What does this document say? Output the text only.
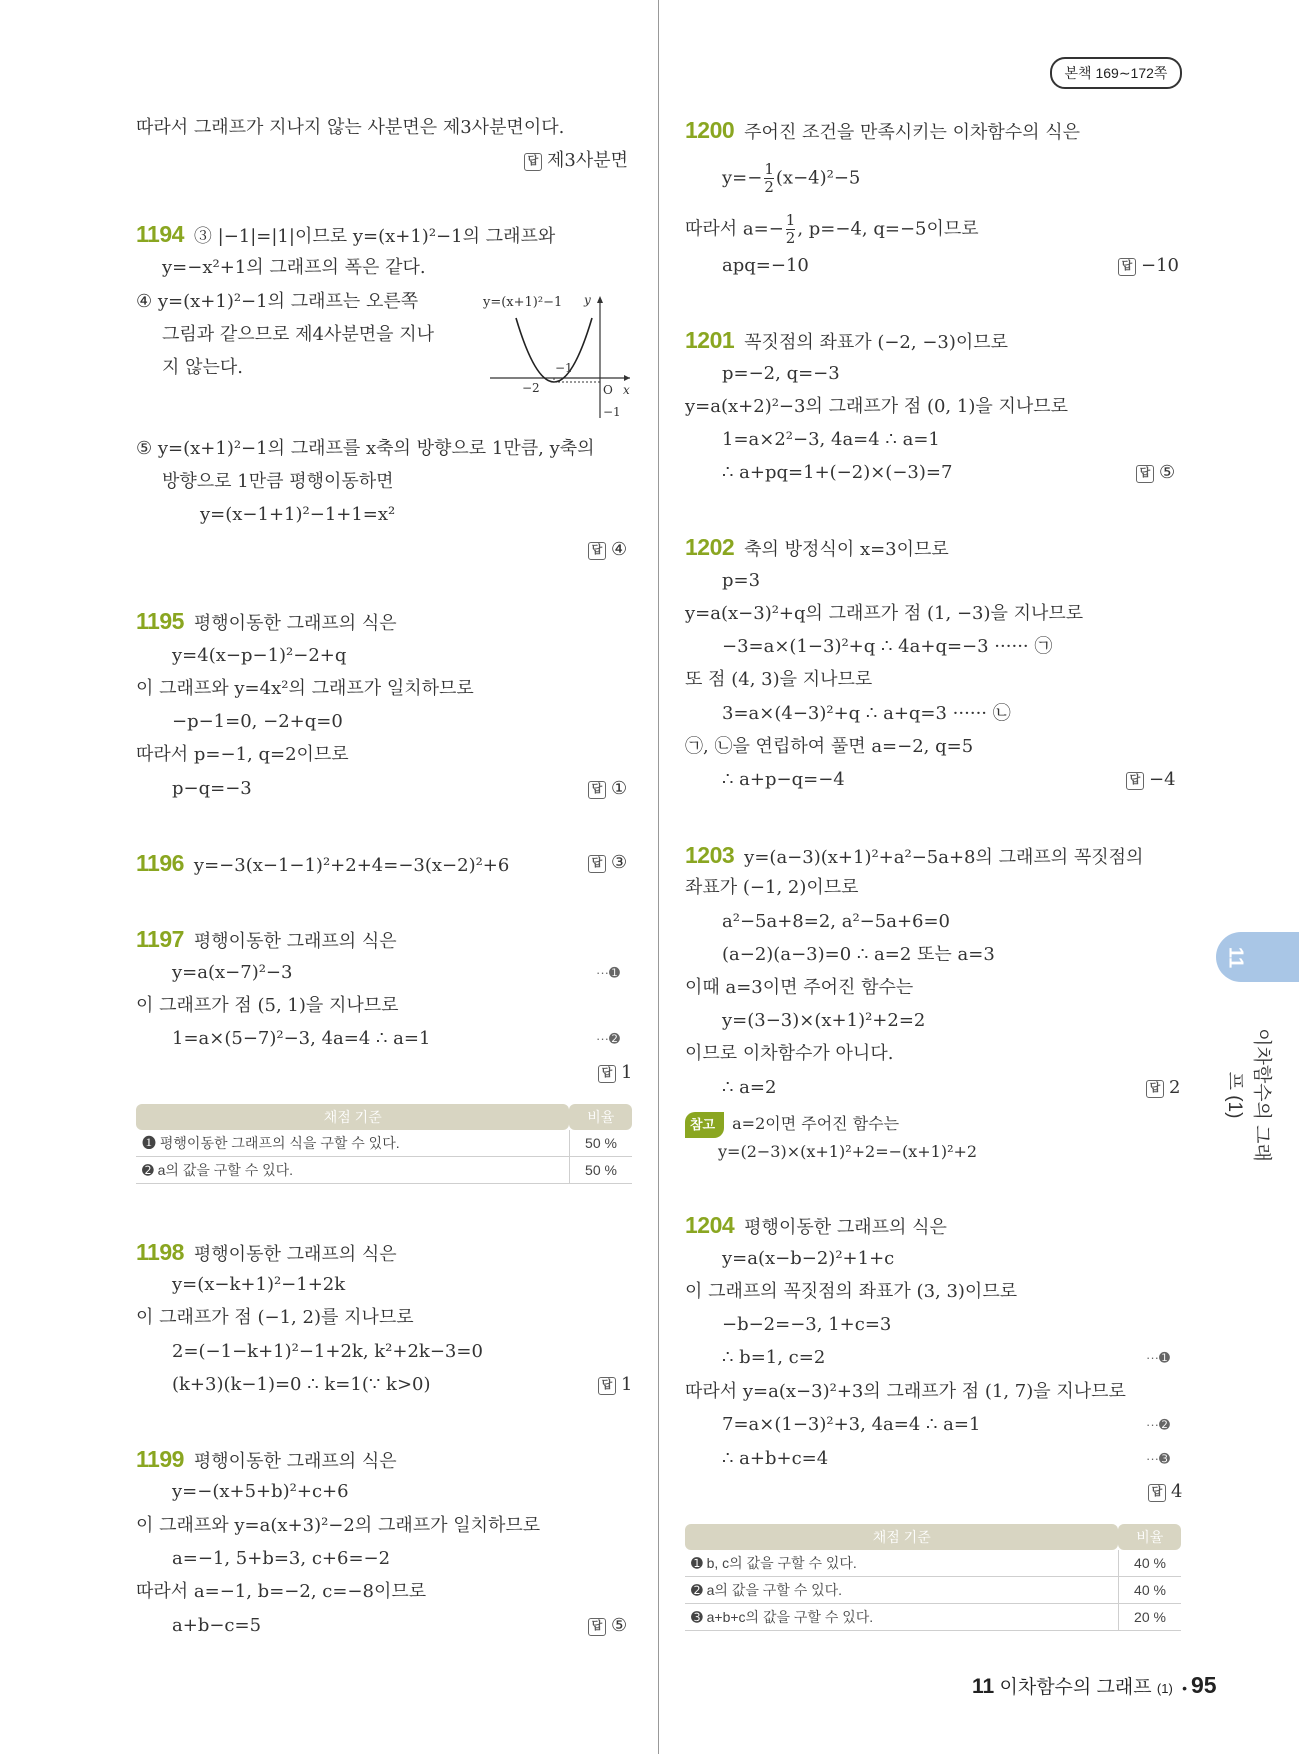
본책 169∼172쪽
따라서 그래프가 지나지 않는 사분면은 제3사분면이다.
답 제3사분면
1194 ③ |−1|=|1|이므로 y=(x+1)²−1의 그래프와
y=−x²+1의 그래프의 폭은 같다.
④ y=(x+1)²−1의 그래프는 오른쪽
그림과 같으므로 제4사분면을 지나
지 않는다.
y=(x+1)²−1 y
x
O
−2
−1
−1
⑤ y=(x+1)²−1의 그래프를 x축의 방향으로 1만큼, y축의
방향으로 1만큼 평행이동하면
y=(x−1+1)²−1+1=x²
답 ④
1195 평행이동한 그래프의 식은
y=4(x−p−1)²−2+q
이 그래프와 y=4x²의 그래프가 일치하므로
−p−1=0, −2+q=0
따라서 p=−1, q=2이므로
p−q=−3	답 ①
1196 y=−3(x−1−1)²+2+4=−3(x−2)²+6	답 ③
1197 평행이동한 그래프의 식은
y=a(x−7)²−3	···➊
이 그래프가 점 (5, 1)을 지나므로
1=a×(5−7)²−3, 4a=4 ∴ a=1	···➋
답 1
채점 기준	비율
➊ 평행이동한 그래프의 식을 구할 수 있다.	50 %
➋ a의 값을 구할 수 있다.	50 %
1198 평행이동한 그래프의 식은
y=(x−k+1)²−1+2k
이 그래프가 점 (−1, 2)를 지나므로
2=(−1−k+1)²−1+2k, k²+2k−3=0
(k+3)(k−1)=0 ∴ k=1(∵ k>0)	답 1
1199 평행이동한 그래프의 식은
y=−(x+5+b)²+c+6
이 그래프와 y=a(x+3)²−2의 그래프가 일치하므로
a=−1, 5+b=3, c+6=−2
따라서 a=−1, b=−2, c=−8이므로
a+b−c=5	답 ⑤
1200 주어진 조건을 만족시키는 이차함수의 식은
$y=- \frac{1}{2} (x-4)^2-5$
따라서 $a=- \frac{1}{2}$ , p=−4, q=−5이므로
apq=−10	답 −10
1201 꼭짓점의 좌표가 (−2, −3)이므로
p=−2, q=−3
y=a(x+2)²−3의 그래프가 점 (0, 1)을 지나므로
1=a×2²−3, 4a=4 ∴ a=1
∴ a+pq=1+(−2)×(−3)=7	답 ⑤
1202 축의 방정식이 x=3이므로
p=3
y=a(x−3)²+q의 그래프가 점 (1, −3)을 지나므로
−3=a×(1−3)²+q ∴ 4a+q=−3 ······ ㉠
또 점 (4, 3)을 지나므로
3=a×(4−3)²+q ∴ a+q=3 ······ ㉡
㉠, ㉡을 연립하여 풀면 a=−2, q=5
∴ a+p−q=−4	답 −4
1203 y=(a−3)(x+1)²+a²−5a+8의 그래프의 꼭짓점의
좌표가 (−1, 2)이므로
a²−5a+8=2, a²−5a+6=0
(a−2)(a−3)=0 ∴ a=2 또는 a=3
이때 a=3이면 주어진 함수는
y=(3−3)×(x+1)²+2=2
이므로 이차함수가 아니다.
∴ a=2	답 2
참고 a=2이면 주어진 함수는
y=(2−3)×(x+1)²+2=−(x+1)²+2
1204 평행이동한 그래프의 식은
y=a(x−b−2)²+1+c
이 그래프의 꼭짓점의 좌표가 (3, 3)이므로
−b−2=−3, 1+c=3
∴ b=1, c=2	···➊
따라서 y=a(x−3)²+3의 그래프가 점 (1, 7)을 지나므로
7=a×(1−3)²+3, 4a=4 ∴ a=1	···➋
∴ a+b+c=4	···➌
답 4
채점 기준	비율
➊ b, c의 값을 구할 수 있다.	40 %
➋ a의 값을 구할 수 있다.	40 %
➌ a+b+c의 값을 구할 수 있다.	20 %
11
이차함수의 그래프 (1)
11 이차함수의 그래프 (1) • 95
